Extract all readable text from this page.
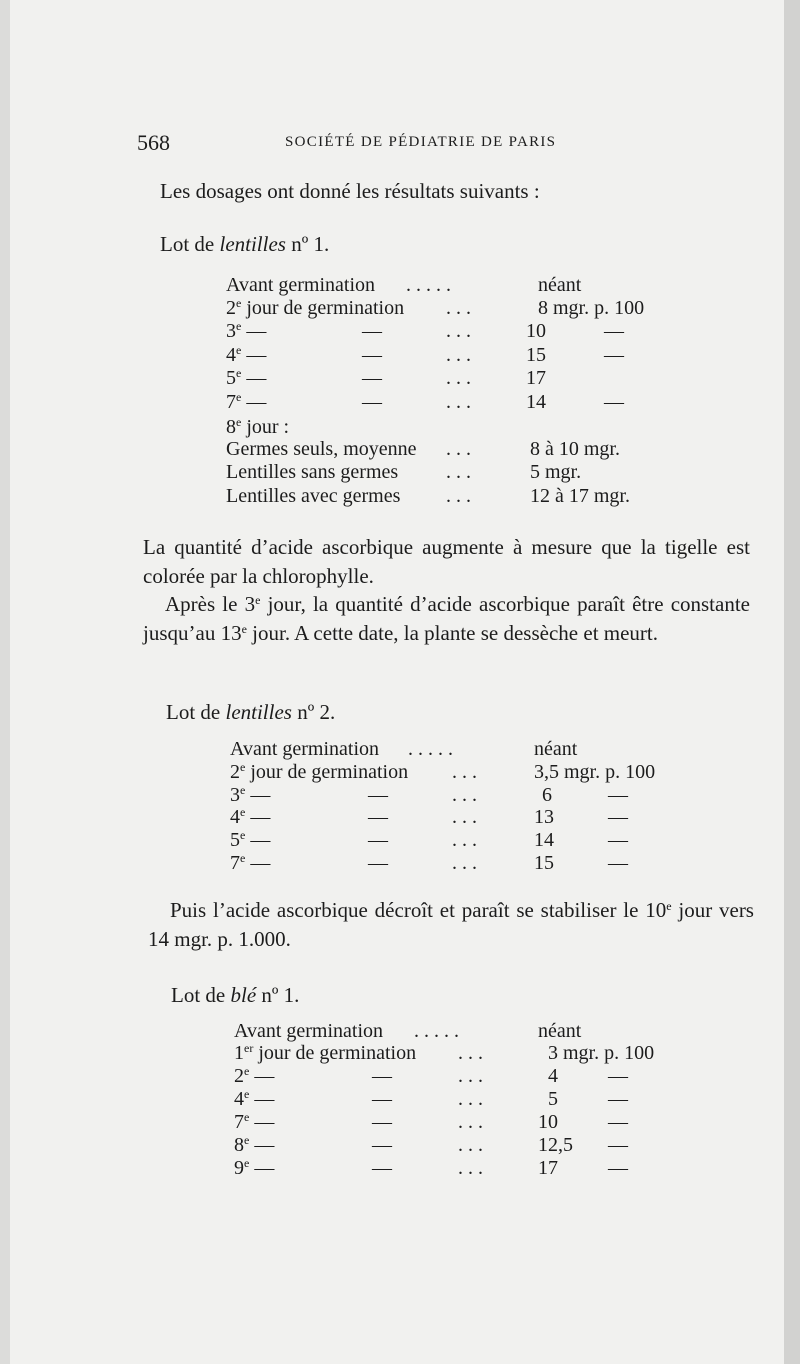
568	SOCIÉTÉ DE PÉDIATRIE DE PARIS

Les dosages ont donné les résultats suivants :

Lot de lentilles nº 1.
Avant germination . . . . .	néant
2e jour de germination . . .	8 mgr. p. 100
3e —	—	. . .	10	—
4e —	—	. . .	15	—
5e —	—	. . .	17
7e —	—	. . .	14	—
8e jour :
Germes seuls, moyenne . . .	8 à 10 mgr.
Lentilles sans germes . . .	5 mgr.
Lentilles avec germes . . .	12 à 17 mgr.

La quantité d’acide ascorbique augmente à mesure que la tigelle est colorée par la chlorophylle.

Après le 3e jour, la quantité d’acide ascorbique paraît être constante jusqu’au 13e jour. A cette date, la plante se dessèche et meurt.

Lot de lentilles nº 2.
Avant germination . . . . .	néant
2e jour de germination . . .	3,5 mgr. p. 100
3e —	—	. . .	6	—
4e —	—	. . .	13	—
5e —	—	. . .	14	—
7e —	—	. . .	15	—

Puis l’acide ascorbique décroît et paraît se stabiliser le 10e jour vers 14 mgr. p. 1.000.

Lot de blé nº 1.
Avant germination . . . . .	néant
1er jour de germination . . .	3 mgr. p. 100
2e —	—	. . .	4	—
4e —	—	. . .	5	—
7e —	—	. . .	10	—
8e —	—	. . .	12,5 —
9e —	—	. . .	17	—
